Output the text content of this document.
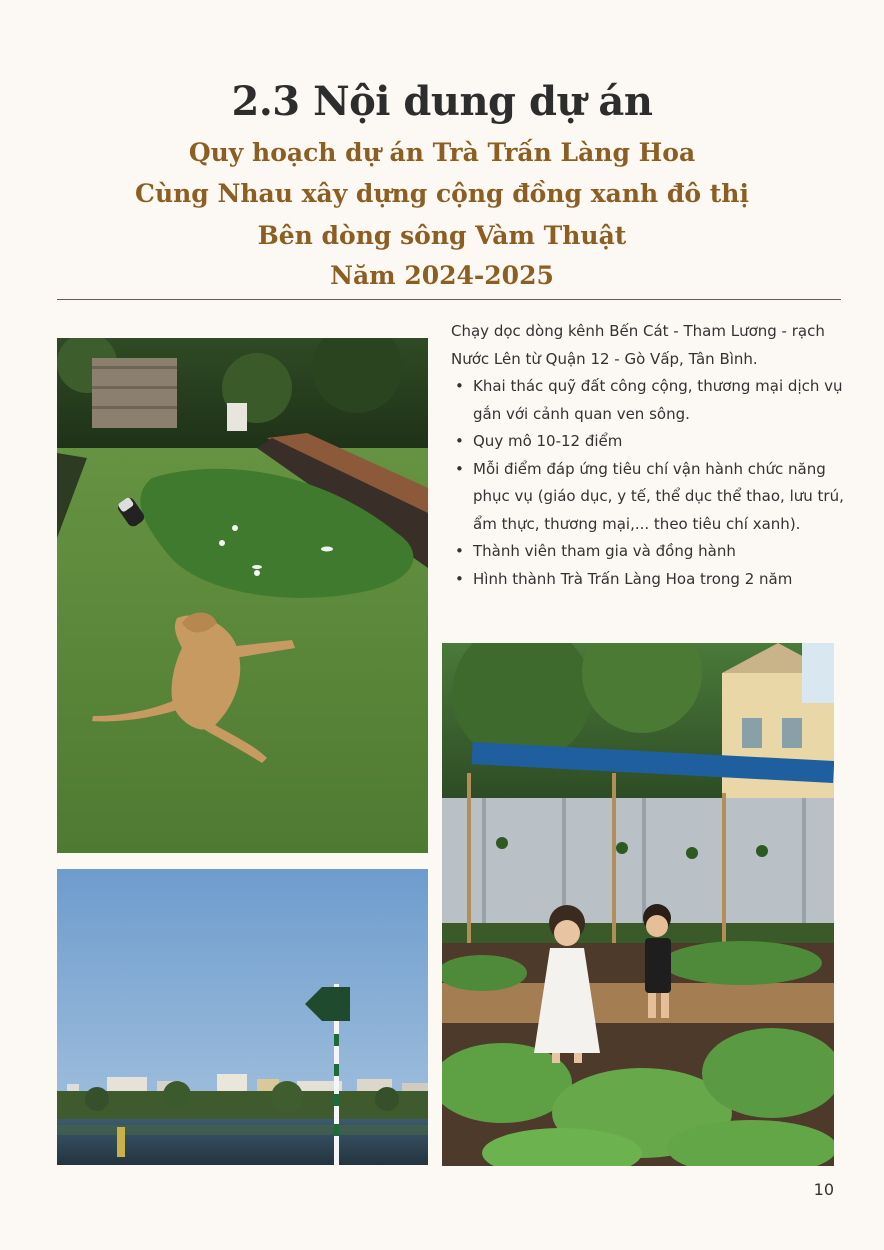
2.3 Nội dung dự án
Quy hoạch dự án Trà Trấn Làng Hoa
Cùng Nhau xây dựng cộng đồng xanh đô thị
Bên dòng sông Vàm Thuật
Năm 2024-2025

Chạy dọc dòng kênh Bến Cát - Tham Lương - rạch Nước Lên từ Quận 12 - Gò Vấp, Tân Bình.

• Khai thác quỹ đất công cộng, thương mại dịch vụ gắn với cảnh quan ven sông.
• Quy mô 10-12 điểm
• Mỗi điểm đáp ứng tiêu chí vận hành chức năng phục vụ (giáo dục, y tế, thể dục thể thao, lưu trú, ẩm thực, thương mại,... theo tiêu chí xanh).
• Thành viên tham gia và đồng hành
• Hình thành Trà Trấn Làng Hoa trong 2 năm
10
